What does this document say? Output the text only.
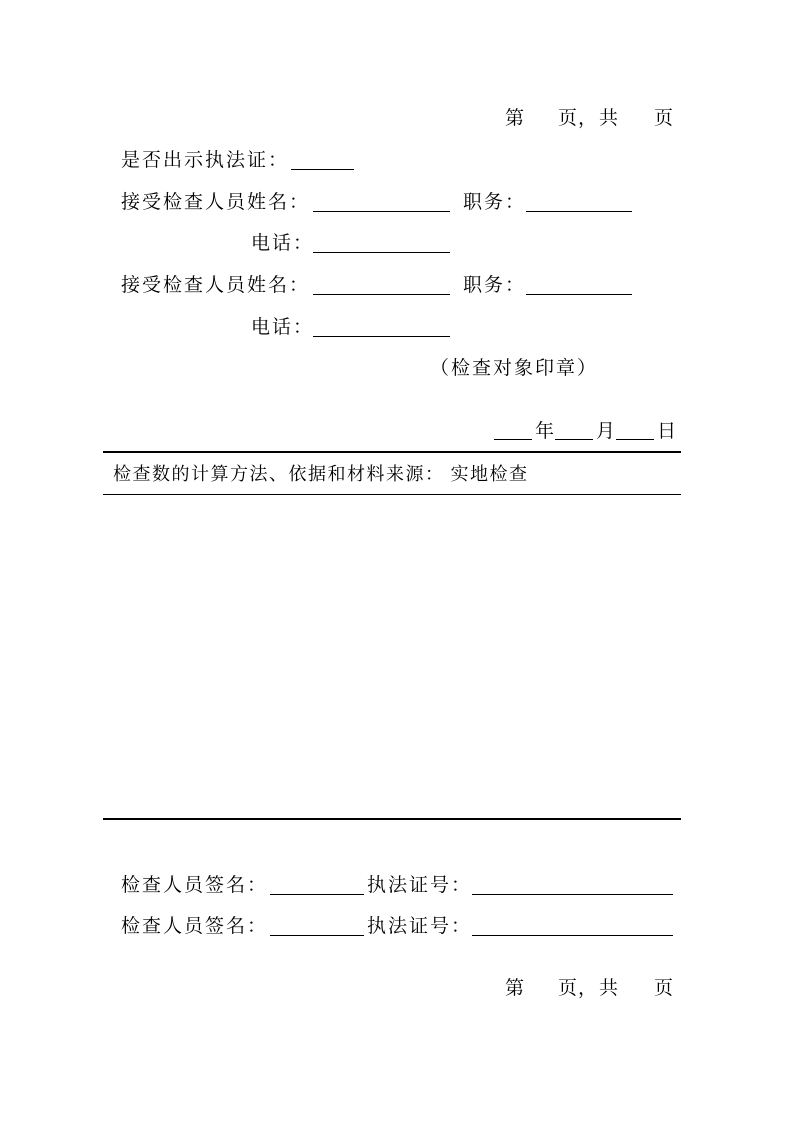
第 页
，共 页
是否出示执法证：
接受检查人员姓名：	职务：
电话：
接受检查人员姓名：	职务：
电话：
（检查对象印章）
年 月 日
检查数的计算方法、依据和材料来源： 实地检查
检查人员签名：	执法证号：
检查人员签名：	执法证号：
第 页
，共 页
